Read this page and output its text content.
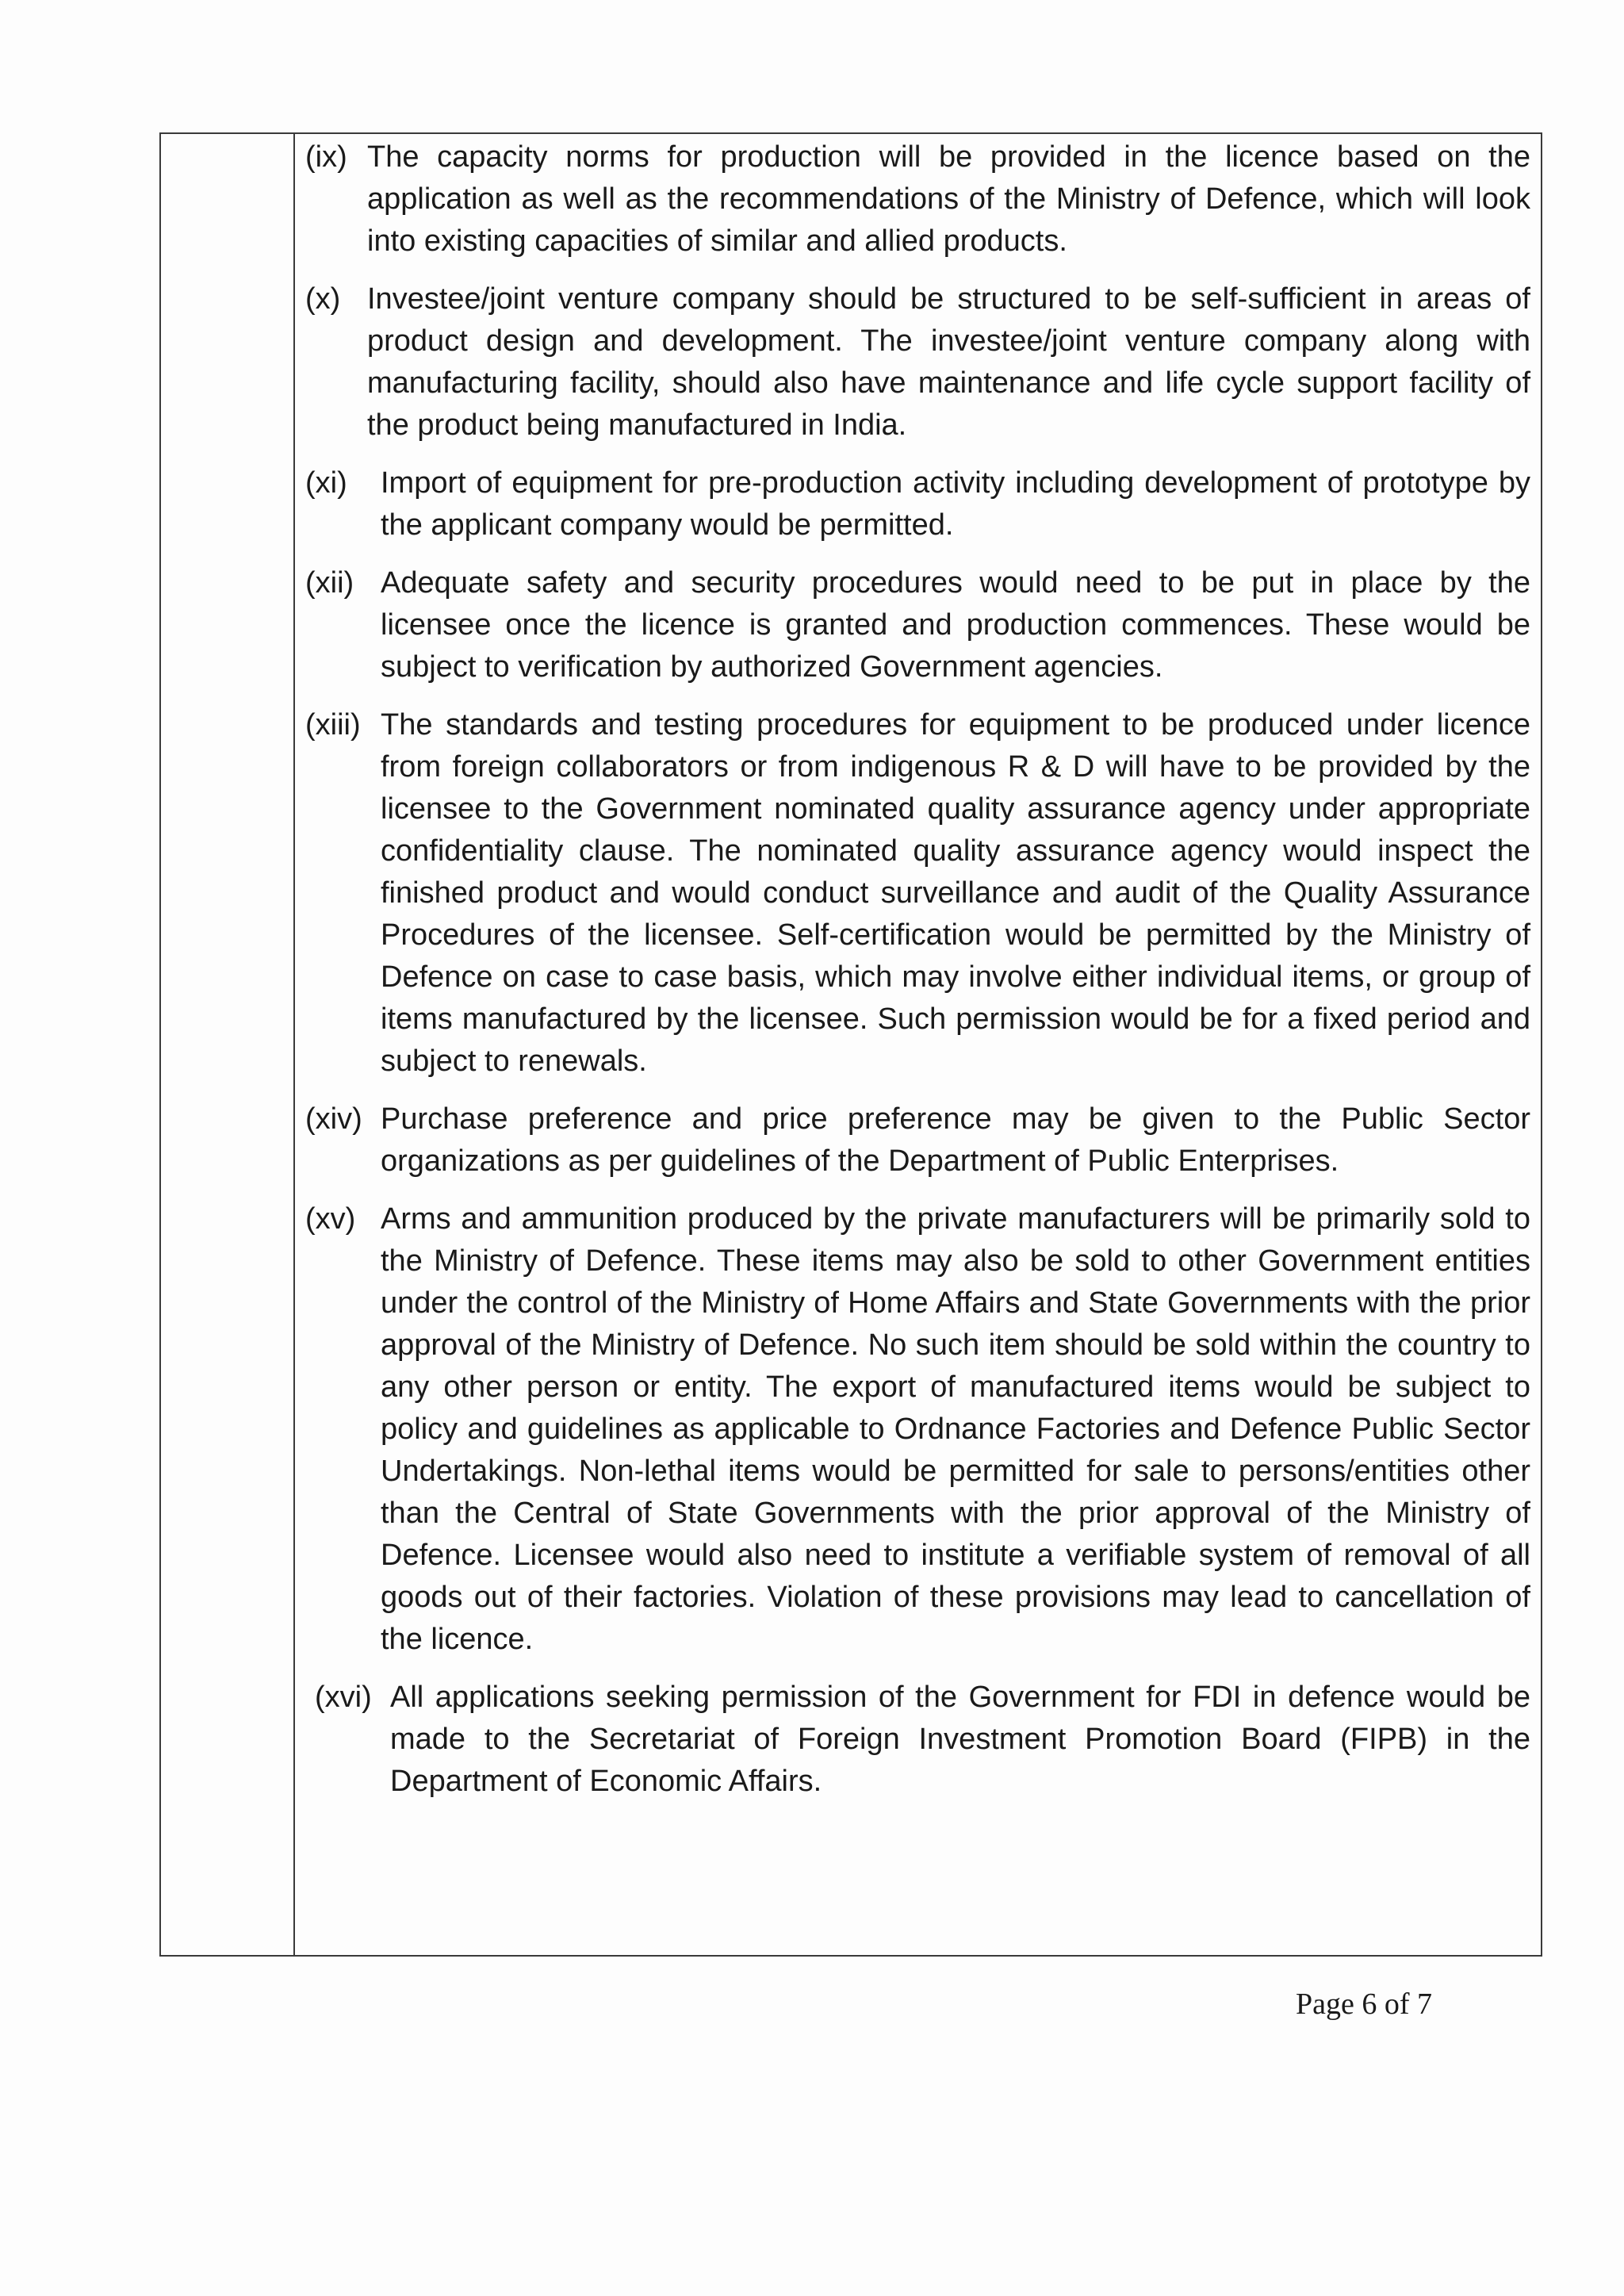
(ix) The capacity norms for production will be provided in the licence based on the application as well as the recommendations of the Ministry of Defence, which will look into existing capacities of similar and allied products.
(x) Investee/joint venture company should be structured to be self-sufficient in areas of product design and development. The investee/joint venture company along with manufacturing facility, should also have maintenance and life cycle support facility of the product being manufactured in India.
(xi)	Import of equipment for pre-production activity including development of prototype by the applicant company would be permitted.
(xii) Adequate safety and security procedures would need to be put in place by the licensee once the licence is granted and production commences. These would be subject to verification by authorized Government agencies.
(xiii) The standards and testing procedures for equipment to be produced under licence from foreign collaborators or from indigenous R & D will have to be provided by the licensee to the Government nominated quality assurance agency under appropriate confidentiality clause. The nominated quality assurance agency would inspect the finished product and would conduct surveillance and audit of the Quality Assurance Procedures of the licensee. Self-certification would be permitted by the Ministry of Defence on case to case basis, which may involve either individual items, or group of items manufactured by the licensee. Such permission would be for a fixed period and subject to renewals.
(xiv) Purchase preference and price preference may be given to the Public Sector organizations as per guidelines of the Department of Public Enterprises.
(xv) Arms and ammunition produced by the private manufacturers will be primarily sold to the Ministry of Defence. These items may also be sold to other Government entities under the control of the Ministry of Home Affairs and State Governments with the prior approval of the Ministry of Defence. No such item should be sold within the country to any other person or entity. The export of manufactured items would be subject to policy and guidelines as applicable to Ordnance Factories and Defence Public Sector Undertakings. Non-lethal items would be permitted for sale to persons/entities other than the Central of State Governments with the prior approval of the Ministry of Defence. Licensee would also need to institute a verifiable system of removal of all goods out of their factories. Violation of these provisions may lead to cancellation of the licence.
(xvi) All applications seeking permission of the Government for FDI in defence would be made to the Secretariat of Foreign Investment Promotion Board (FIPB) in the Department of Economic Affairs.
Page 6 of 7
